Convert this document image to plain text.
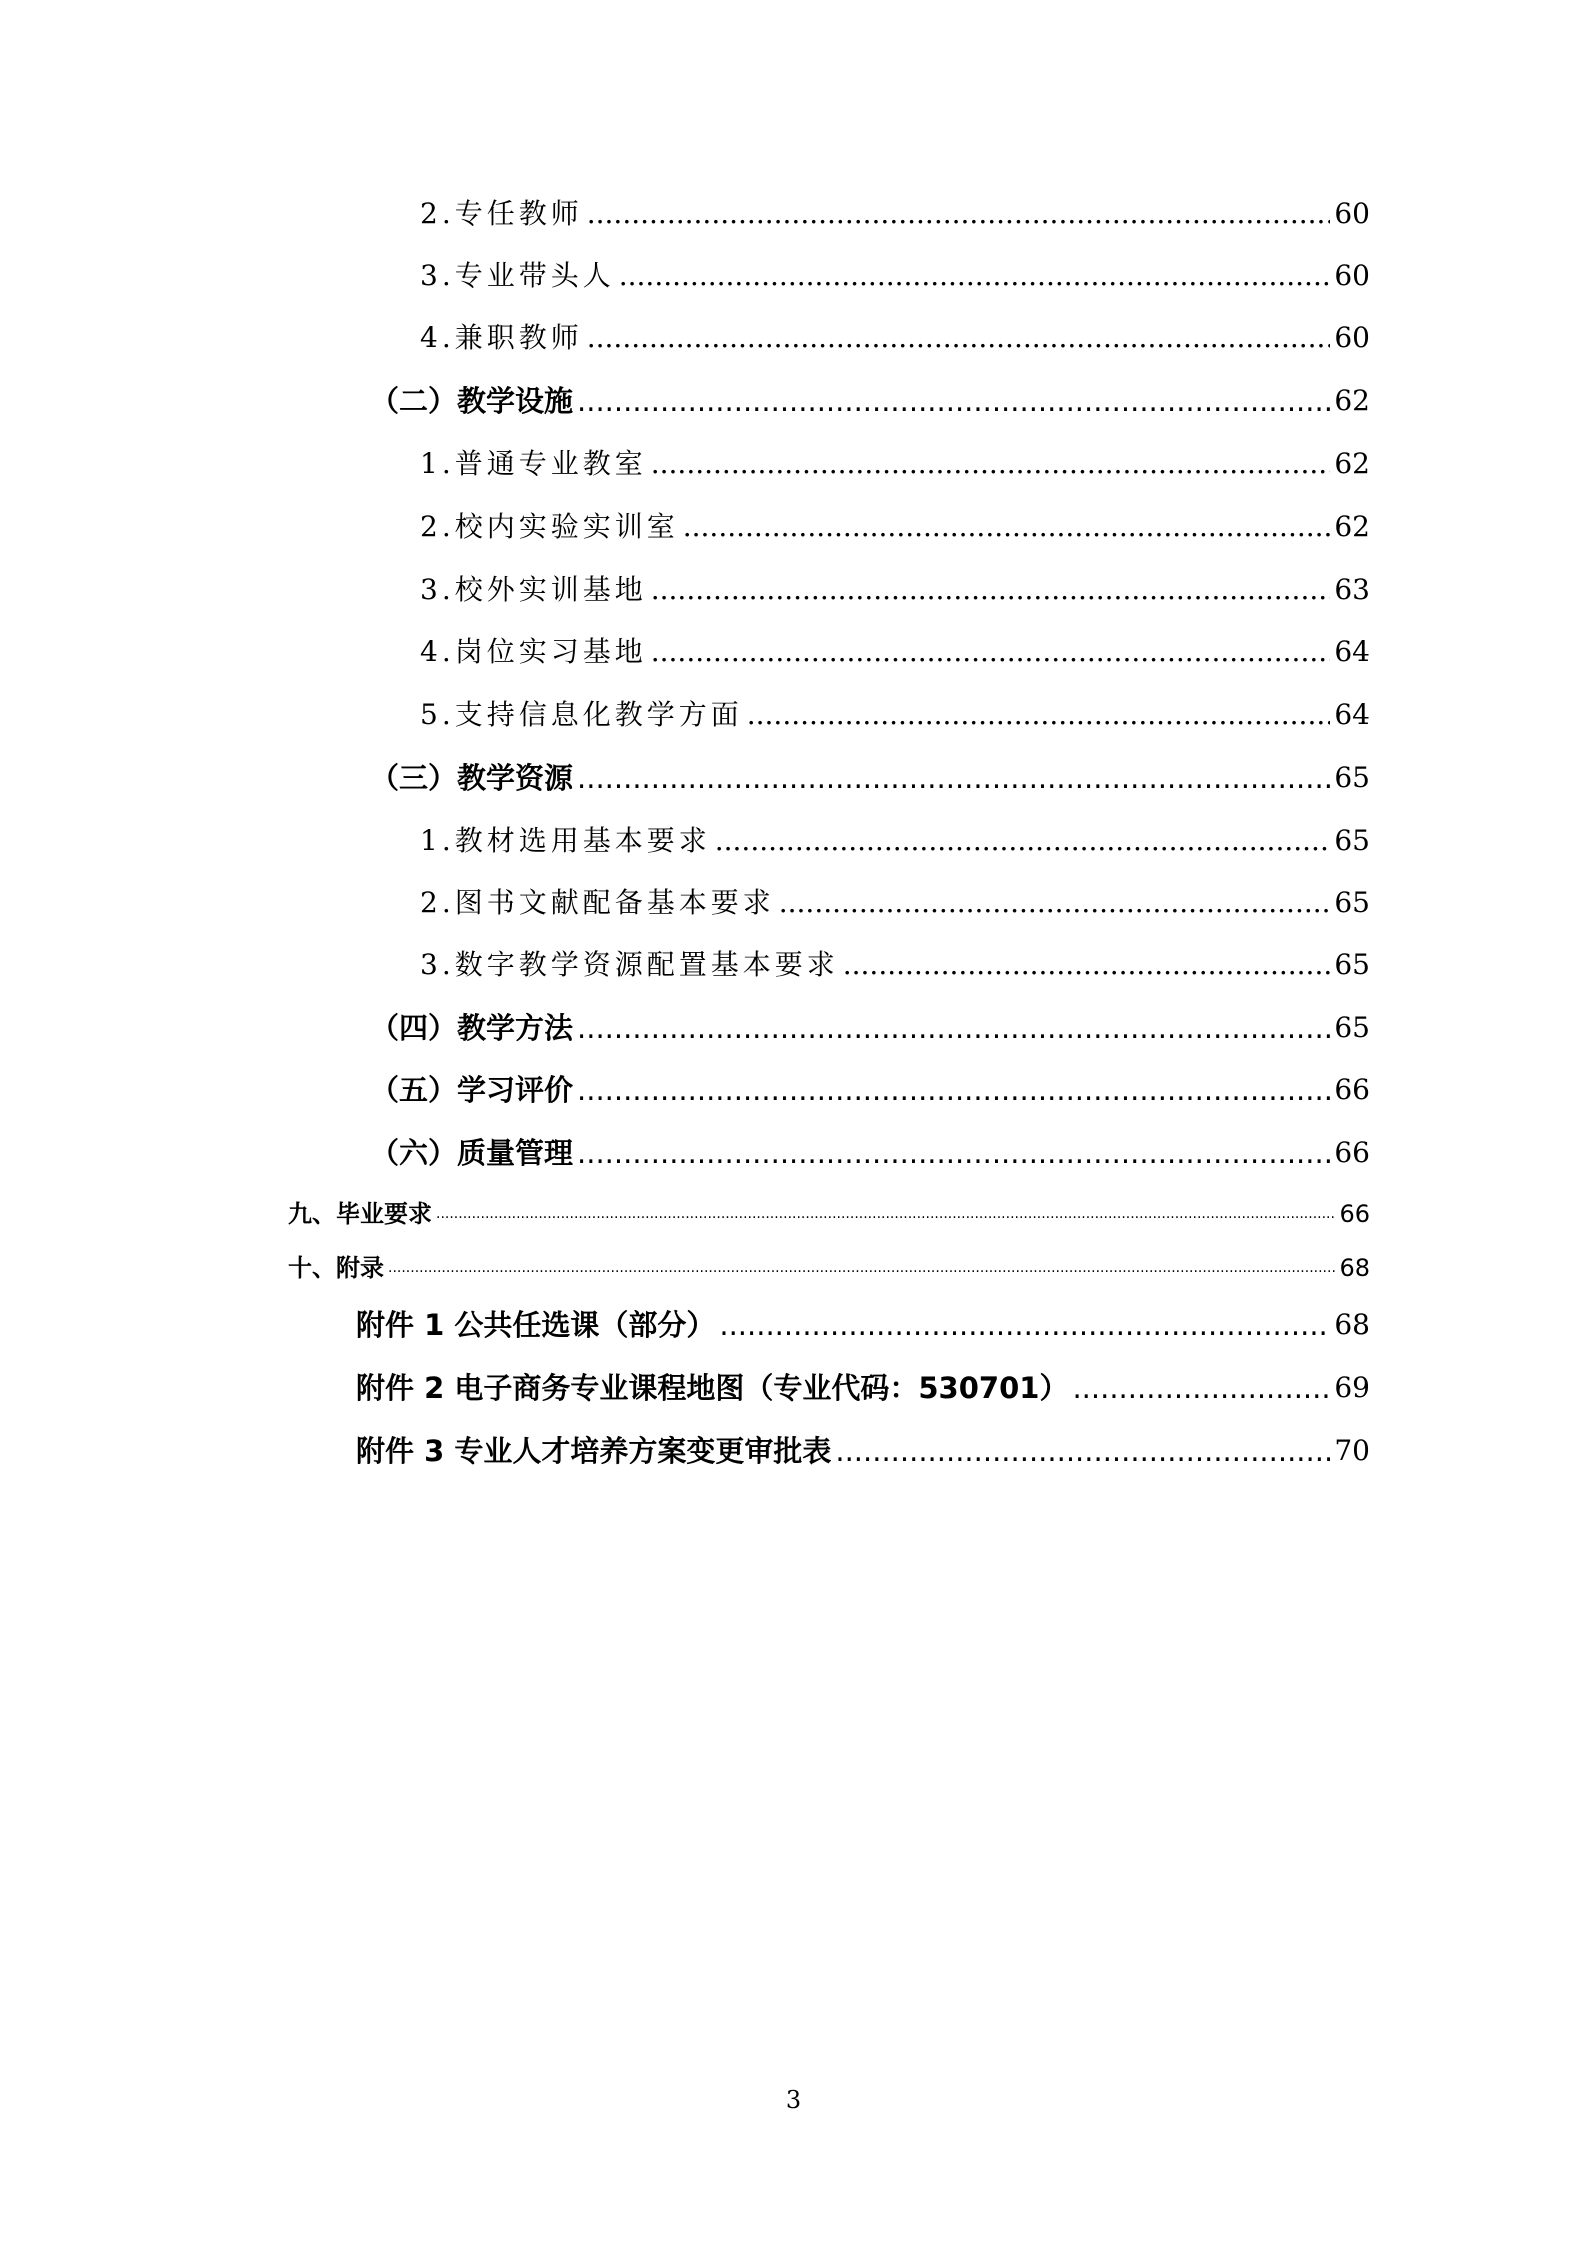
2.专任教师 .....	60
3.专业带头人 .....	60
4.兼职教师 .....	60
（二）教学设施 .....	62
1.普通专业教室 .....	62
2.校内实验实训室 .....	62
3.校外实训基地 .....	63
4.岗位实习基地 .....	64
5.支持信息化教学方面 .....	64
（三）教学资源 .....	65
1.教材选用基本要求 .....	65
2.图书文献配备基本要求 .....	65
3.数字教学资源配置基本要求 .....	65
（四）教学方法 .....	65
（五）学习评价 .....	66
（六）质量管理 .....	66
九、毕业要求 .....	66
十、附录 .....	68
附件 1 公共任选课（部分） .....	68
附件 2 电子商务专业课程地图（专业代码：530701） .....	69
附件 3 专业人才培养方案变更审批表 .....	70
3
